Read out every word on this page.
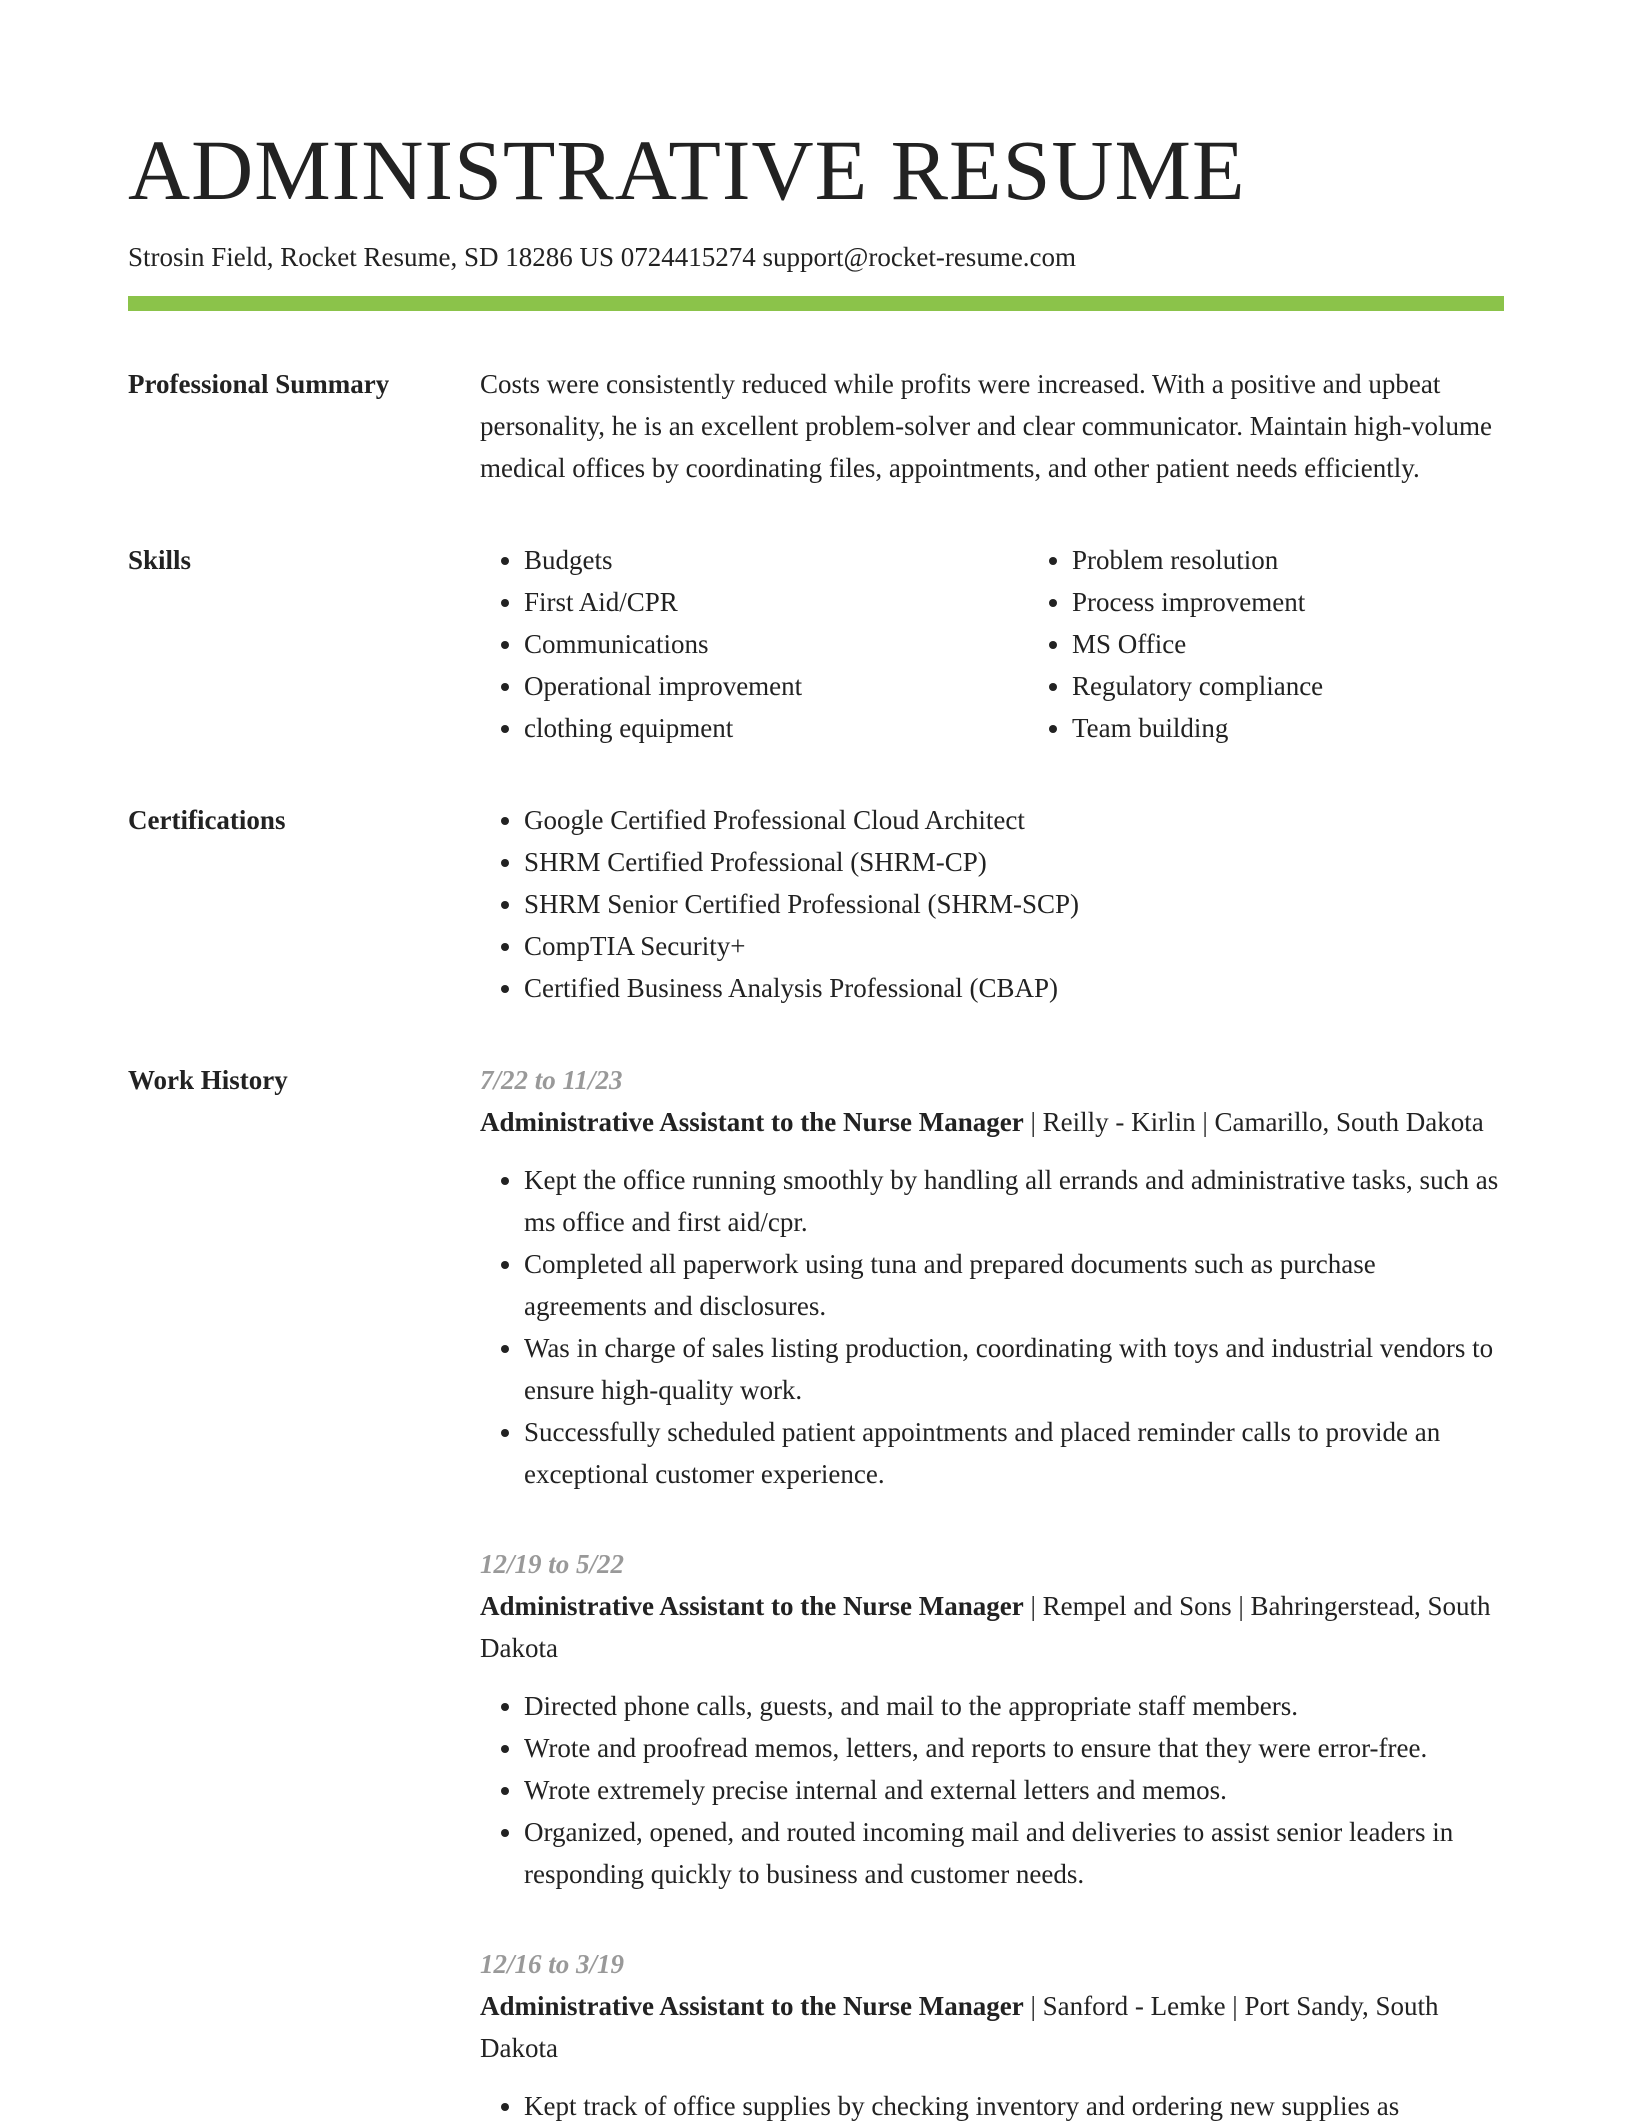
ADMINISTRATIVE RESUME
Strosin Field, Rocket Resume, SD 18286 US 0724415274 support@rocket-resume.com
Professional Summary	Costs were consistently reduced while profits were increased. With a positive and upbeat personality, he is an excellent problem-solver and clear communicator. Maintain high-volume medical offices by coordinating files, appointments, and other patient needs efficiently.

Skills	• Budgets
• First Aid/CPR
• Communications
• Operational improvement
• clothing equipment
• Problem resolution
• Process improvement
• MS Office
• Regulatory compliance
• Team building
Certifications	• Google Certified Professional Cloud Architect
• SHRM Certified Professional (SHRM-CP)
• SHRM Senior Certified Professional (SHRM-SCP)
• CompTIA Security+
• Certified Business Analysis Professional (CBAP)
Work History	7/22 to 11/23
Administrative Assistant to the Nurse Manager | Reilly - Kirlin | Camarillo, South Dakota
• Kept the office running smoothly by handling all errands and administrative tasks, such as ms office and first aid/cpr.
• Completed all paperwork using tuna and prepared documents such as purchase agreements and disclosures.
• Was in charge of sales listing production, coordinating with toys and industrial vendors to ensure high-quality work.
• Successfully scheduled patient appointments and placed reminder calls to provide an exceptional customer experience.
12/19 to 5/22
Administrative Assistant to the Nurse Manager | Rempel and Sons | Bahringerstead, South Dakota
• Directed phone calls, guests, and mail to the appropriate staff members.
• Wrote and proofread memos, letters, and reports to ensure that they were error-free.
• Wrote extremely precise internal and external letters and memos.
• Organized, opened, and routed incoming mail and deliveries to assist senior leaders in responding quickly to business and customer needs.
12/16 to 3/19
Administrative Assistant to the Nurse Manager | Sanford - Lemke | Port Sandy, South Dakota
• Kept track of office supplies by checking inventory and ordering new supplies as
